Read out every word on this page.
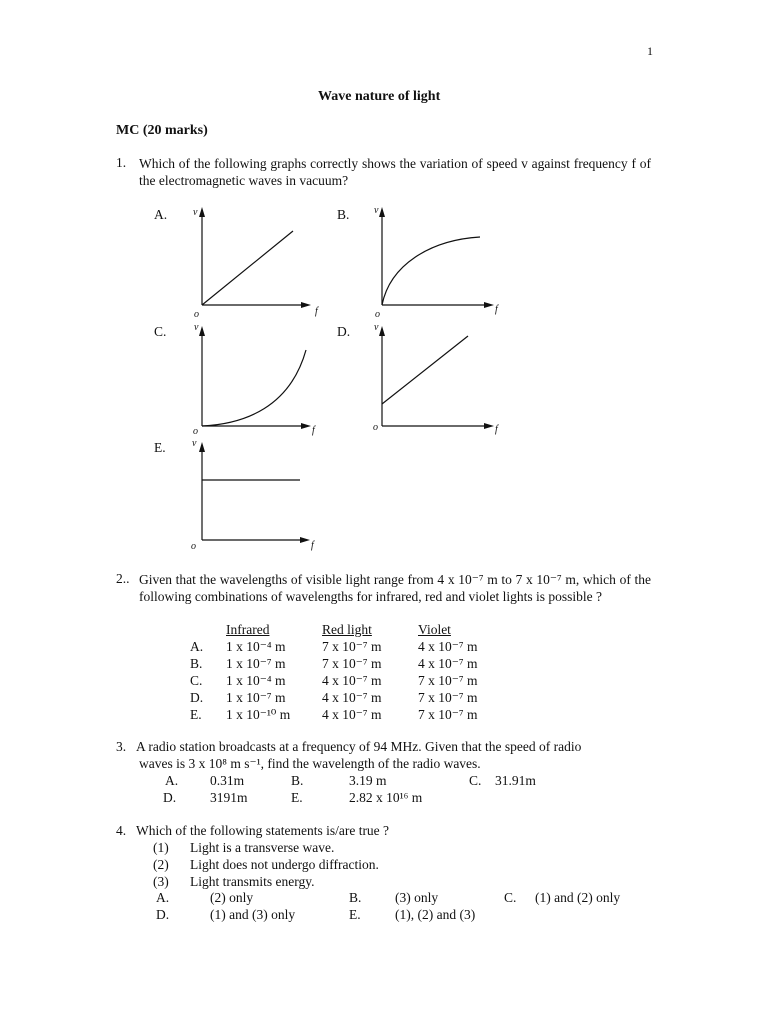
1
Wave nature of light
MC (20 marks)
1. Which of the following graphs correctly shows the variation of speed v against frequency f of the electromagnetic waves in vacuum?
A.	B.
C.	D.
E.
v
f
o
v
f
o
v
f
o
v
f
o
v
f
o
2.. Given that the wavelengths of visible light range from 4 x 10⁻⁷ m to 7 x 10⁻⁷ m, which of the following combinations of wavelengths for infrared, red and violet lights is possible ?
	Infrared	Red light	Violet
A.	1 x 10⁻⁴ m	7 x 10⁻⁷ m	4 x 10⁻⁷ m
B.	1 x 10⁻⁷ m	7 x 10⁻⁷ m	4 x 10⁻⁷ m
C.	1 x 10⁻⁴ m	4 x 10⁻⁷ m	7 x 10⁻⁷ m
D.	1 x 10⁻⁷ m	4 x 10⁻⁷ m	7 x 10⁻⁷ m
E.	1 x 10⁻¹⁰ m	4 x 10⁻⁷ m	7 x 10⁻⁷ m
3. A radio station broadcasts at a frequency of 94 MHz. Given that the speed of radio
waves is 3 x 10⁸ m s⁻¹, find the wavelength of the radio waves.
A. 0.31m	B.	3.19 m	C. 31.91m
D.	3191m	E.	2.82 x 10¹⁶ m
4. Which of the following statements is/are true ?
(1) Light is a transverse wave.
(2) Light does not undergo diffraction.
(3) Light transmits energy.
A.	(2) only	B. (3) only	C. (1) and (2) only
D.	(1) and (3) only	E.	(1), (2) and (3)
